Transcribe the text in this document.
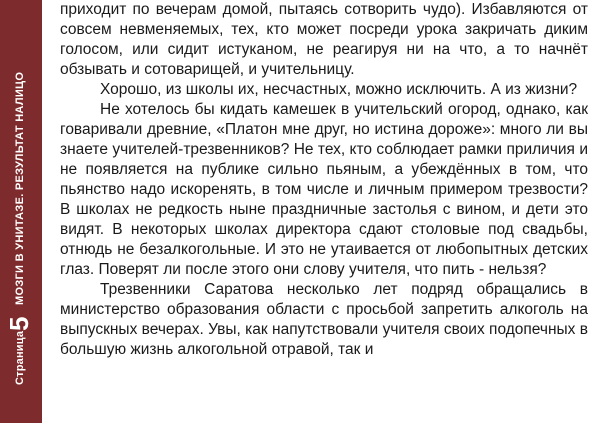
Страница
5
МОЗГИ В УНИТАЗЕ. РЕЗУЛЬТАТ НАЛИЦО

приходит по вечерам домой, пытаясь сотворить чудо). Избавляются от совсем невменяемых, тех, кто может посреди урока закричать диким голосом, или сидит истуканом, не реагируя ни на что, а то начнёт обзывать и сотоварищей, и учительницу.

Хорошо, из школы их, несчастных, можно исключить. А из жизни?

Не хотелось бы кидать камешек в учительский огород, однако, как говаривали древние, «Платон мне друг, но истина дороже»: много ли вы знаете учителей-трезвенников? Не тех, кто соблюдает рамки приличия и не появляется на публике сильно пьяным, а убеждённых в том, что пьянство надо искоренять, в том числе и личным примером трезвости? В школах не редкость ныне праздничные застолья с вином, и дети это видят. В некоторых школах директора сдают столовые под свадьбы, отнюдь не безалкогольные. И это не утаивается от любопытных детских глаз. Поверят ли после этого они слову учителя, что пить - нельзя?

Трезвенники Саратова несколько лет подряд обращались в министерство образования области с просьбой запретить алкоголь на выпускных вечерах. Увы, как напутствовали учителя своих подопечных в большую жизнь алкогольной отравой, так и
